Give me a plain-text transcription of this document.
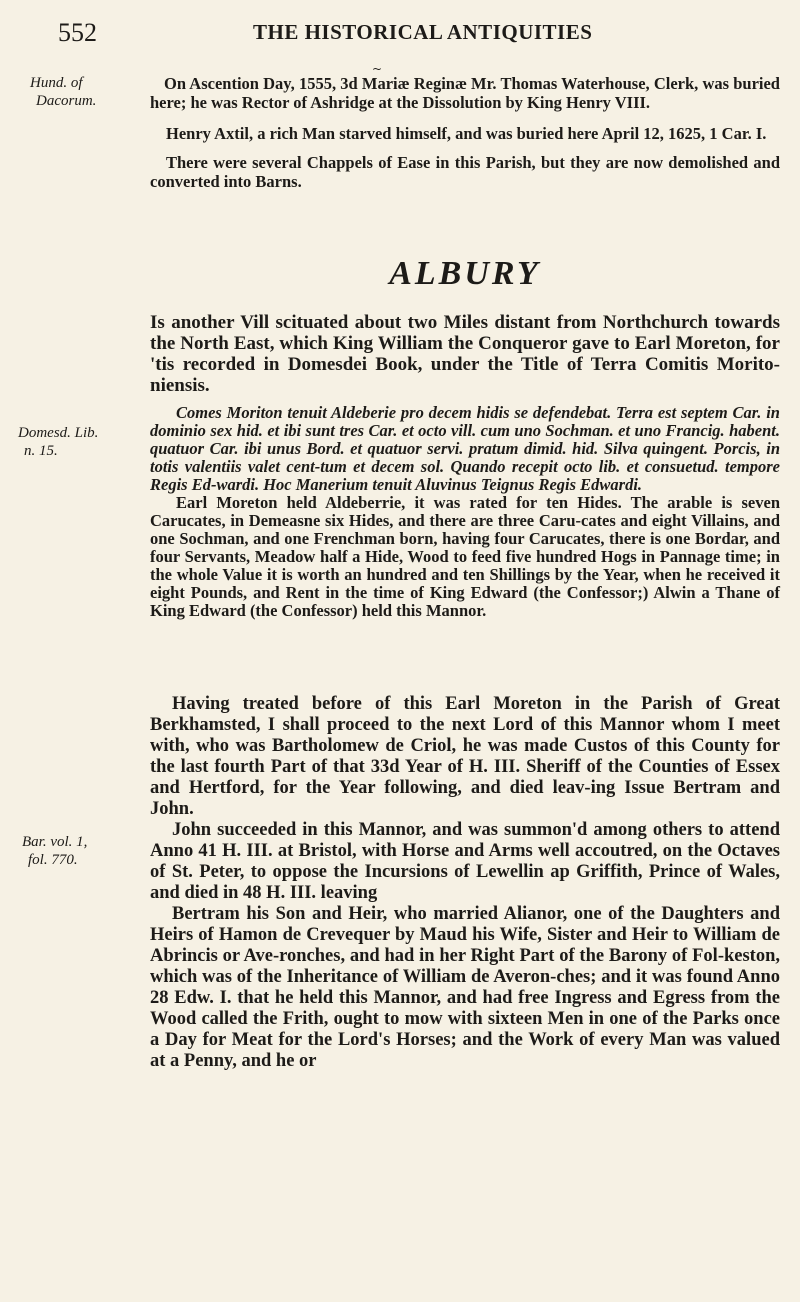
552	THE HISTORICAL ANTIQUITIES
~
Hund. of
Dacorum.
Domesd. Lib.
n. 15.
Bar. vol. 1,
fol. 770.

On Ascention Day, 1555, 3d Mariæ Reginæ Mr. Thomas Waterhouse, Clerk, was buried here; he was Rector of Ashridge at the Dissolution by King Henry VIII.

Henry Axtil, a rich Man starved himself, and was buried here April 12, 1625, 1 Car. I.

There were several Chappels of Ease in this Parish, but they are now demolished and converted into Barns.

ALBURY

Is another Vill scituated about two Miles distant from Northchurch towards the North East, which King William the Conqueror gave to Earl Moreton, for 'tis recorded in Domesdei Book, under the Title of Terra Comitis Morito-niensis.

Comes Moriton tenuit Aldeberie pro decem hidis se defendebat. Terra est septem Car. in dominio sex hid. et ibi sunt tres Car. et octo vill. cum uno Sochman. et uno Francig. habent. quatuor Car. ibi unus Bord. et quatuor servi. pratum dimid. hid. Silva quingent. Porcis, in totis valentiis valet cent-tum et decem sol. Quando recepit octo lib. et consuetud. tempore Regis Ed-wardi. Hoc Manerium tenuit Aluvinus Teignus Regis Edwardi.

Earl Moreton held Aldeberrie, it was rated for ten Hides. The arable is seven Carucates, in Demeasne six Hides, and there are three Caru-cates and eight Villains, and one Sochman, and one Frenchman born, having four Carucates, there is one Bordar, and four Servants, Meadow half a Hide, Wood to feed five hundred Hogs in Pannage time; in the whole Value it is worth an hundred and ten Shillings by the Year, when he received it eight Pounds, and Rent in the time of King Edward (the Confessor;) Alwin a Thane of King Edward (the Confessor) held this Mannor.

Having treated before of this Earl Moreton in the Parish of Great Berkhamsted, I shall proceed to the next Lord of this Mannor whom I meet with, who was Bartholomew de Criol, he was made Custos of this County for the last fourth Part of that 33d Year of H. III. Sheriff of the Counties of Essex and Hertford, for the Year following, and died leav-ing Issue Bertram and John.

John succeeded in this Mannor, and was summon'd among others to attend Anno 41 H. III. at Bristol, with Horse and Arms well accoutred, on the Octaves of St. Peter, to oppose the Incursions of Lewellin ap Griffith, Prince of Wales, and died in 48 H. III. leaving

Bertram his Son and Heir, who married Alianor, one of the Daughters and Heirs of Hamon de Crevequer by Maud his Wife, Sister and Heir to William de Abrincis or Ave-ronches, and had in her Right Part of the Barony of Fol-keston, which was of the Inheritance of William de Averon-ches; and it was found Anno 28 Edw. I. that he held this Mannor, and had free Ingress and Egress from the Wood called the Frith, ought to mow with sixteen Men in one of the Parks once a Day for Meat for the Lord's Horses; and the Work of every Man was valued at a Penny, and he or
